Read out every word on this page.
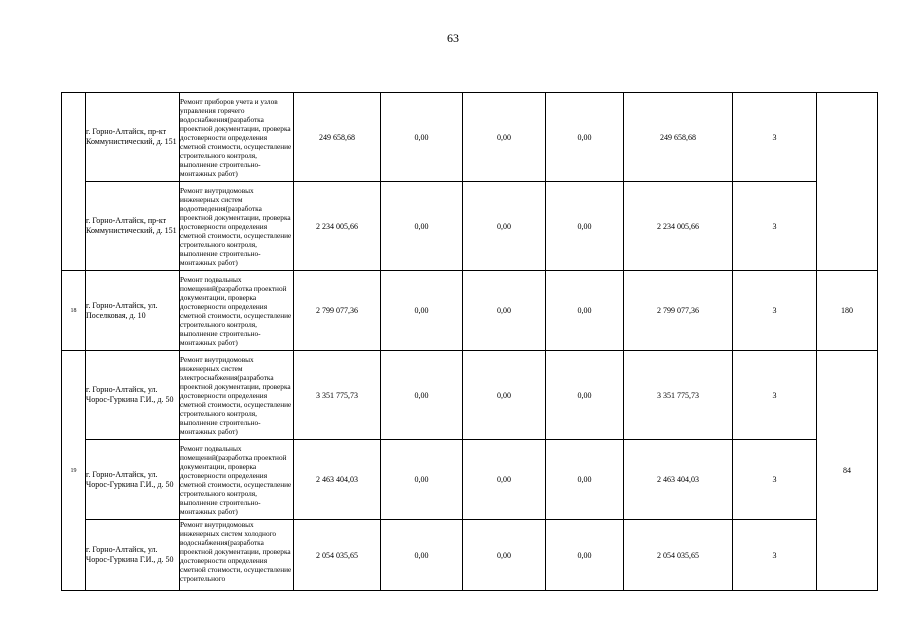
63
	г. Горно-Алтайск, пр-кт Коммунистический, д. 151	Ремонт приборов учета и узлов управления горячего водоснабжения(разработка проектной документации, проверка достоверности определения сметной стоимости, осуществление строительного контроля, выполнение строительно-монтажных работ)	249 658,68	0,00	0,00	0,00	249 658,68	3	
	г. Горно-Алтайск, пр-кт Коммунистический, д. 151	Ремонт внутридомовых инженерных систем водоотведения(разработка проектной документации, проверка достоверности определения сметной стоимости, осуществление строительного контроля, выполнение строительно-монтажных работ)	2 234 005,66	0,00	0,00	0,00	2 234 005,66	3	
18	г. Горно-Алтайск, ул. Поселковая, д. 10	Ремонт подвальных помещений(разработка проектной документации, проверка достоверности определения сметной стоимости, осуществление строительного контроля, выполнение строительно-монтажных работ)	2 799 077,36	0,00	0,00	0,00	2 799 077,36	3	180
19	г. Горно-Алтайск, ул. Чорос-Гуркина Г.И., д. 50	Ремонт внутридомовых инженерных систем электроснабжения(разработка проектной документации, проверка достоверности определения сметной стоимости, осуществление строительного контроля, выполнение строительно-монтажных работ)	3 351 775,73	0,00	0,00	0,00	3 351 775,73	3	84
	г. Горно-Алтайск, ул. Чорос-Гуркина Г.И., д. 50	Ремонт подвальных помещений(разработка проектной документации, проверка достоверности определения сметной стоимости, осуществление строительного контроля, выполнение строительно-монтажных работ)	2 463 404,03	0,00	0,00	0,00	2 463 404,03	3	
	г. Горно-Алтайск, ул. Чорос-Гуркина Г.И., д. 50	Ремонт внутридомовых инженерных систем холодного водоснабжения(разработка проектной документации, проверка достоверности определения сметной стоимости, осуществление строительного	2 054 035,65	0,00	0,00	0,00	2 054 035,65	3	
